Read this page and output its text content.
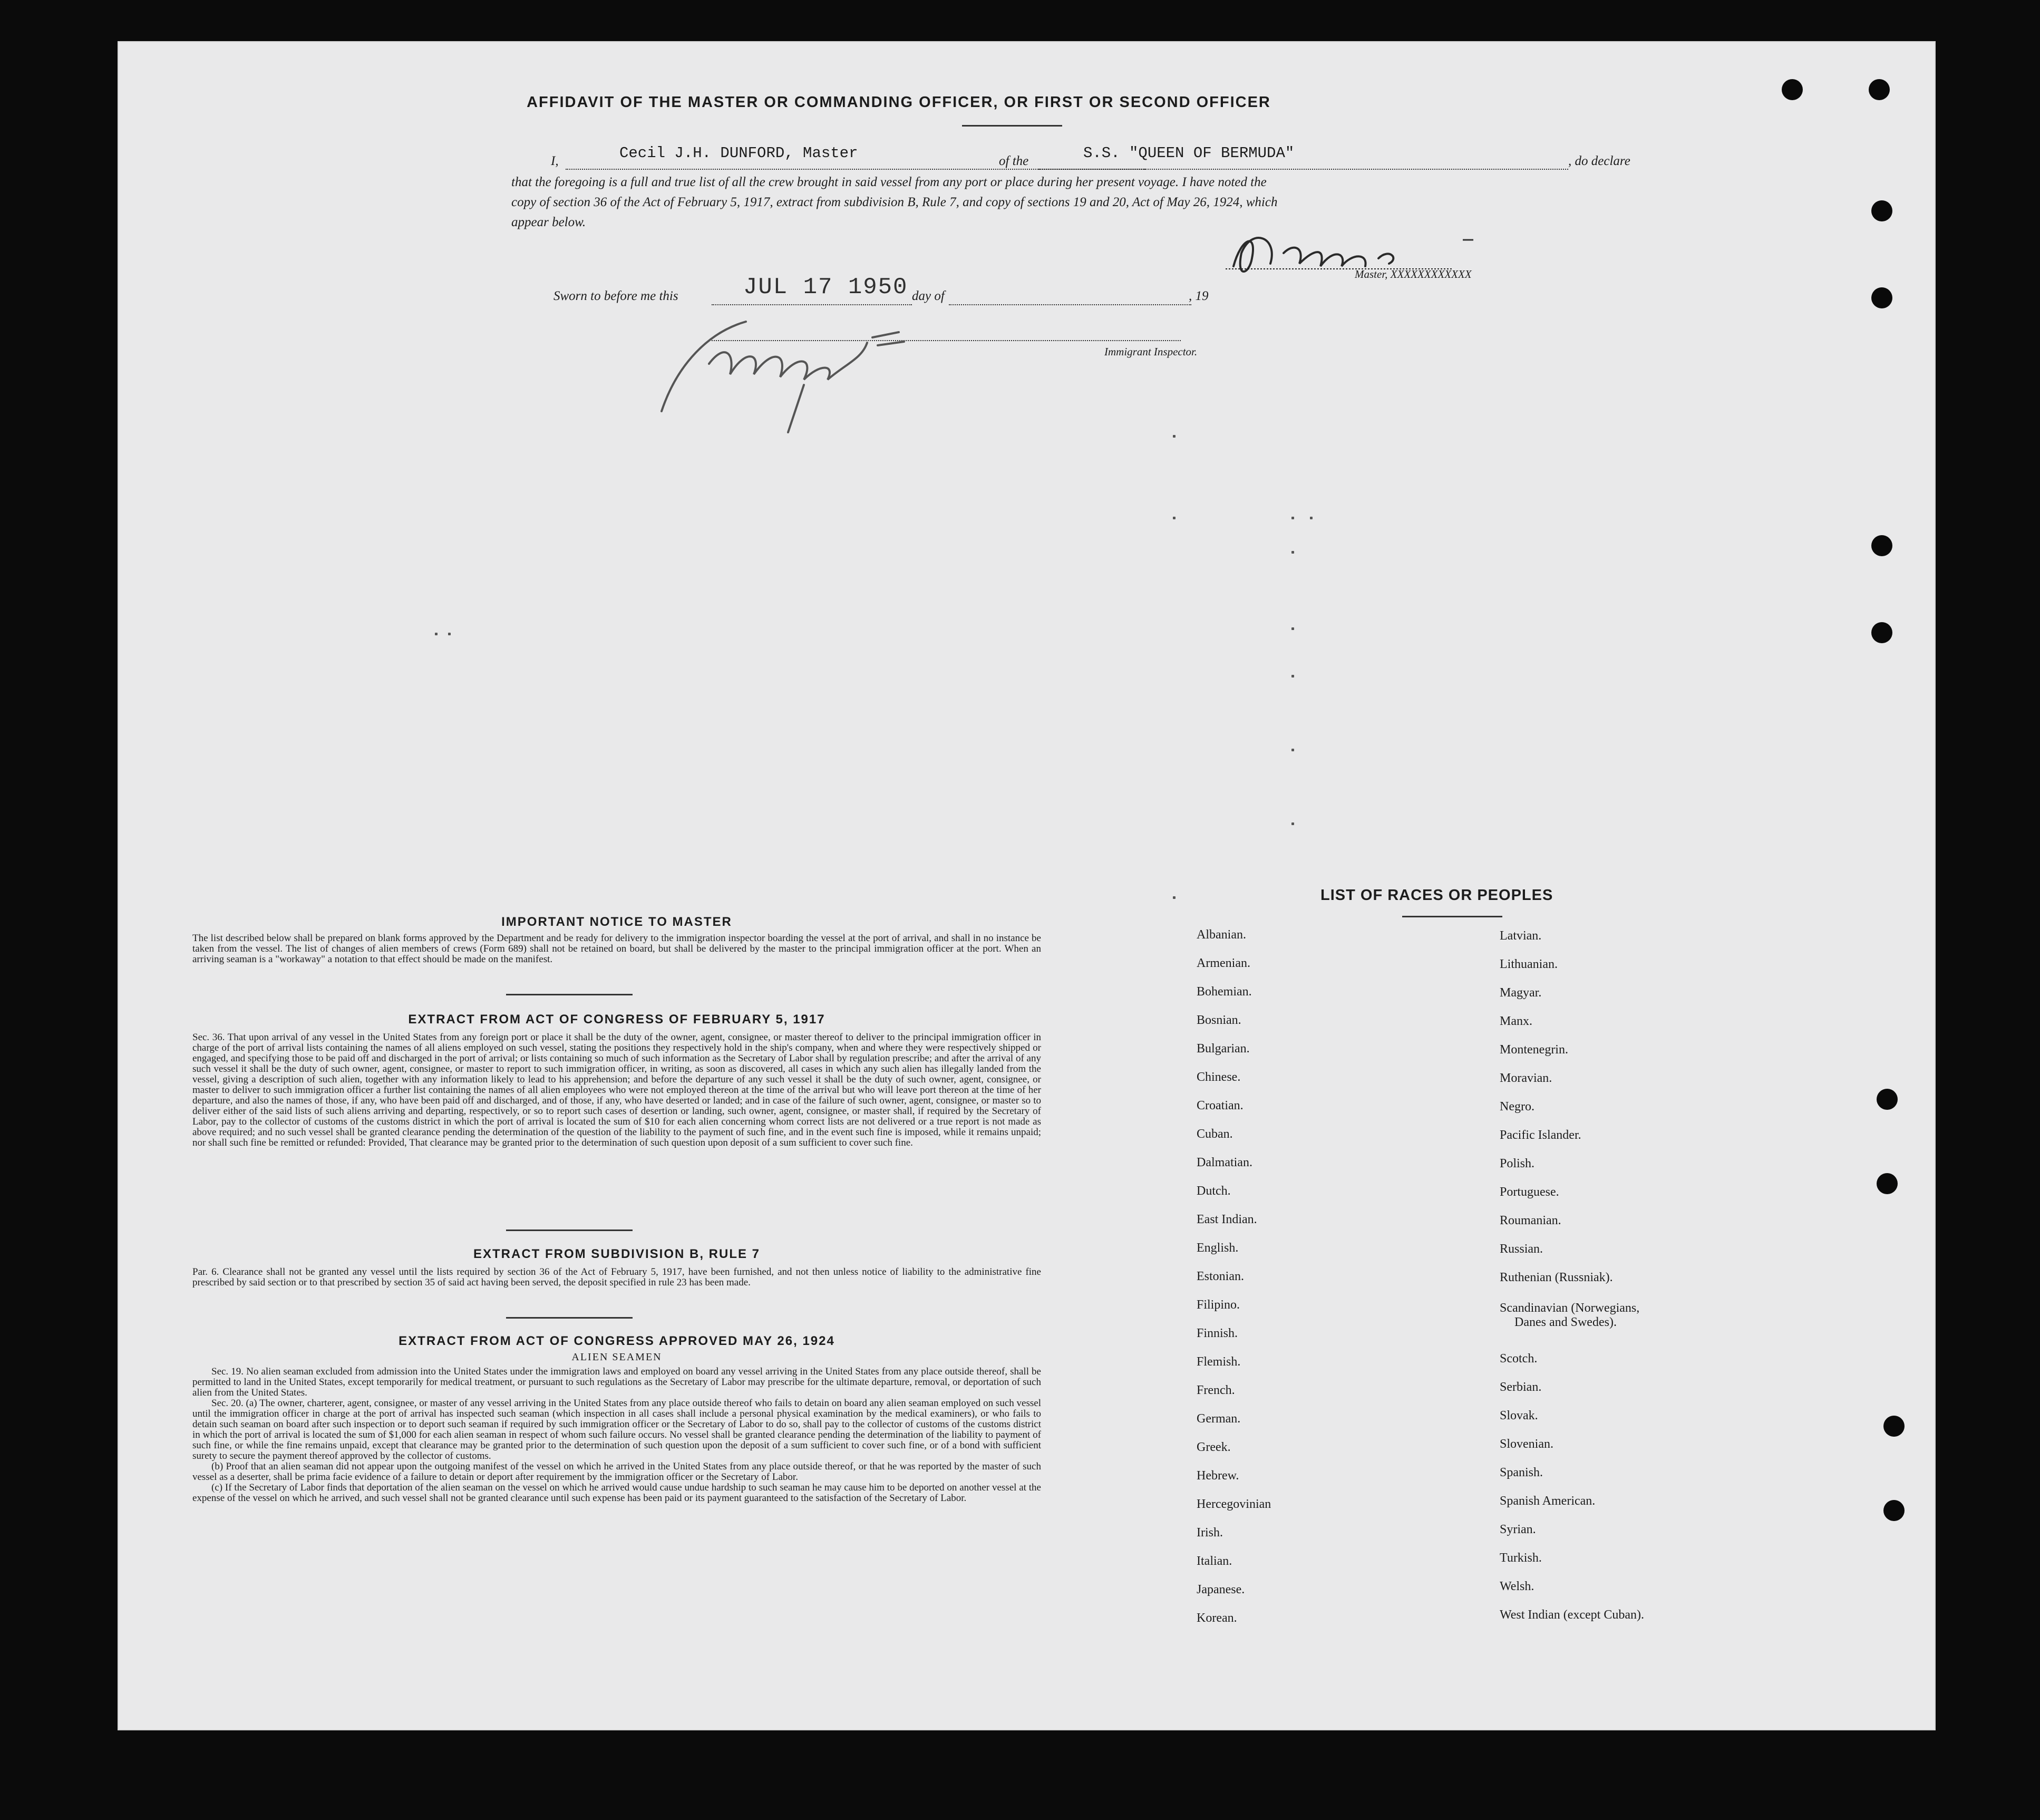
AFFIDAVIT OF THE MASTER OR COMMANDING OFFICER, OR FIRST OR SECOND OFFICER
I,	Cecil J.H. DUNFORD, Master	of the	S.S. "QUEEN OF BERMUDA"	, do declare
that the foregoing is a full and true list of all the crew brought in said vessel from any port or place during her present voyage. I have noted the
copy of section 36 of the Act of February 5, 1917, extract from subdivision B, Rule 7, and copy of sections 19 and 20, Act of May 26, 1924, which
appear below.
Master, XXXXXXXXXXXX
Sworn to before me this	JUL 17 1950 day of	, 19
Immigrant Inspector.
IMPORTANT NOTICE TO MASTER
The list described below shall be prepared on blank forms approved by the Department and be ready for delivery to the immigration inspector boarding the vessel at the port of arrival, and shall in no instance be taken from the vessel. The list of changes of alien members of crews (Form 689) shall not be retained on board, but shall be delivered by the master to the principal immigration officer at the port. When an arriving seaman is a "workaway" a notation to that effect should be made on the manifest.
EXTRACT FROM ACT OF CONGRESS OF FEBRUARY 5, 1917
Sec. 36. That upon arrival of any vessel in the United States from any foreign port or place it shall be the duty of the owner, agent, consignee, or master thereof to deliver to the principal immigration officer in charge of the port of arrival lists containing the names of all aliens employed on such vessel, stating the positions they respectively hold in the ship's company, when and where they were respectively shipped or engaged, and specifying those to be paid off and discharged in the port of arrival; or lists containing so much of such information as the Secretary of Labor shall by regulation prescribe; and after the arrival of any such vessel it shall be the duty of such owner, agent, consignee, or master to report to such immigration officer, in writing, as soon as discovered, all cases in which any such alien has illegally landed from the vessel, giving a description of such alien, together with any information likely to lead to his apprehension; and before the departure of any such vessel it shall be the duty of such owner, agent, consignee, or master to deliver to such immigration officer a further list containing the names of all alien employees who were not employed thereon at the time of the arrival but who will leave port thereon at the time of her departure, and also the names of those, if any, who have been paid off and discharged, and of those, if any, who have deserted or landed; and in case of the failure of such owner, agent, consignee, or master so to deliver either of the said lists of such aliens arriving and departing, respectively, or so to report such cases of desertion or landing, such owner, agent, consignee, or master shall, if required by the Secretary of Labor, pay to the collector of customs of the customs district in which the port of arrival is located the sum of $10 for each alien concerning whom correct lists are not delivered or a true report is not made as above required; and no such vessel shall be granted clearance pending the determination of the question of the liability to the payment of such fine, and in the event such fine is imposed, while it remains unpaid; nor shall such fine be remitted or refunded: Provided, That clearance may be granted prior to the determination of such question upon deposit of a sum sufficient to cover such fine.
EXTRACT FROM SUBDIVISION B, RULE 7
Par. 6. Clearance shall not be granted any vessel until the lists required by section 36 of the Act of February 5, 1917, have been furnished, and not then unless notice of liability to the administrative fine prescribed by said section or to that prescribed by section 35 of said act having been served, the deposit specified in rule 23 has been made.
EXTRACT FROM ACT OF CONGRESS APPROVED MAY 26, 1924
ALIEN SEAMEN

Sec. 19. No alien seaman excluded from admission into the United States under the immigration laws and employed on board any vessel arriving in the United States from any place outside thereof, shall be permitted to land in the United States, except temporarily for medical treatment, or pursuant to such regulations as the Secretary of Labor may prescribe for the ultimate departure, removal, or deportation of such alien from the United States.

Sec. 20. (a) The owner, charterer, agent, consignee, or master of any vessel arriving in the United States from any place outside thereof who fails to detain on board any alien seaman employed on such vessel until the immigration officer in charge at the port of arrival has inspected such seaman (which inspection in all cases shall include a personal physical examination by the medical examiners), or who fails to detain such seaman on board after such inspection or to deport such seaman if required by such immigration officer or the Secretary of Labor to do so, shall pay to the collector of customs of the customs district in which the port of arrival is located the sum of $1,000 for each alien seaman in respect of whom such failure occurs. No vessel shall be granted clearance pending the determination of the liability to payment of such fine, or while the fine remains unpaid, except that clearance may be granted prior to the determination of such question upon the deposit of a sum sufficient to cover such fine, or of a bond with sufficient surety to secure the payment thereof approved by the collector of customs.

(b) Proof that an alien seaman did not appear upon the outgoing manifest of the vessel on which he arrived in the United States from any place outside thereof, or that he was reported by the master of such vessel as a deserter, shall be prima facie evidence of a failure to detain or deport after requirement by the immigration officer or the Secretary of Labor.

(c) If the Secretary of Labor finds that deportation of the alien seaman on the vessel on which he arrived would cause undue hardship to such seaman he may cause him to be deported on another vessel at the expense of the vessel on which he arrived, and such vessel shall not be granted clearance until such expense has been paid or its payment guaranteed to the satisfaction of the Secretary of Labor.

LIST OF RACES OR PEOPLES
Albanian.
Armenian.
Bohemian.
Bosnian.
Bulgarian.
Chinese.
Croatian.
Cuban.
Dalmatian.
Dutch.
East Indian.
English.
Estonian.
Filipino.
Finnish.
Flemish.
French.
German.
Greek.
Hebrew.
Hercegovinian
Irish.
Italian.
Japanese.
Korean.
Latvian.
Lithuanian.
Magyar.
Manx.
Montenegrin.
Moravian.
Negro.
Pacific Islander.
Polish.
Portuguese.
Roumanian.
Russian.
Ruthenian (Russniak).
Scandinavian (Norwegians,
Danes and Swedes).
Scotch.
Serbian.
Slovak.
Slovenian.
Spanish.
Spanish American.
Syrian.
Turkish.
Welsh.
West Indian (except Cuban).
